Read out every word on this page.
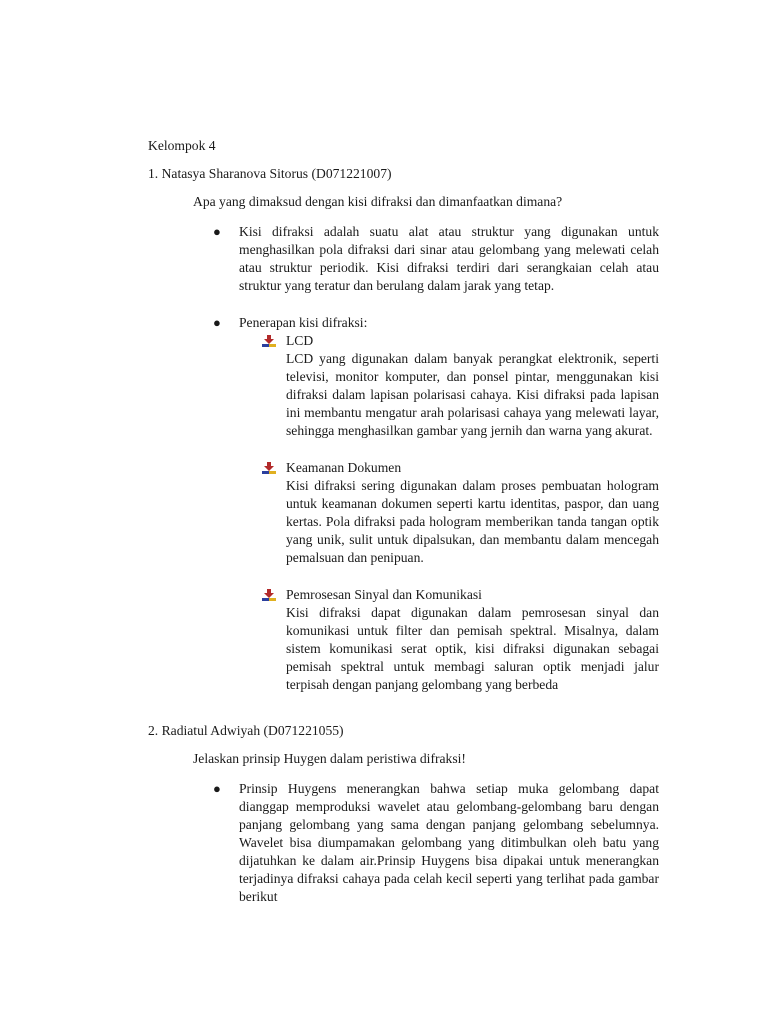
Kelompok 4
1. Natasya Sharanova Sitorus (D071221007)
Apa yang dimaksud dengan kisi difraksi dan dimanfaatkan dimana?
●	Kisi difraksi adalah suatu alat atau struktur yang digunakan untuk menghasilkan pola difraksi dari sinar atau gelombang yang melewati celah atau struktur periodik. Kisi difraksi terdiri dari serangkaian celah atau struktur yang teratur dan berulang dalam jarak yang tetap.
●	Penerapan kisi difraksi:
LCD
LCD yang digunakan dalam banyak perangkat elektronik, seperti televisi, monitor komputer, dan ponsel pintar, menggunakan kisi difraksi dalam lapisan polarisasi cahaya. Kisi difraksi pada lapisan ini membantu mengatur arah polarisasi cahaya yang melewati layar, sehingga menghasilkan gambar yang jernih dan warna yang akurat.
Keamanan Dokumen
Kisi difraksi sering digunakan dalam proses pembuatan hologram untuk keamanan dokumen seperti kartu identitas, paspor, dan uang kertas. Pola difraksi pada hologram memberikan tanda tangan optik yang unik, sulit untuk dipalsukan, dan membantu dalam mencegah pemalsuan dan penipuan.
Pemrosesan Sinyal dan Komunikasi
Kisi difraksi dapat digunakan dalam pemrosesan sinyal dan komunikasi untuk filter dan pemisah spektral. Misalnya, dalam sistem komunikasi serat optik, kisi difraksi digunakan sebagai pemisah spektral untuk membagi saluran optik menjadi jalur terpisah dengan panjang gelombang yang berbeda
2. Radiatul Adwiyah (D071221055)
Jelaskan prinsip Huygen dalam peristiwa difraksi!
●	Prinsip Huygens menerangkan bahwa setiap muka gelombang dapat dianggap memproduksi wavelet atau gelombang-gelombang baru dengan panjang gelombang yang sama dengan panjang gelombang sebelumnya. Wavelet bisa diumpamakan gelombang yang ditimbulkan oleh batu yang dijatuhkan ke dalam air.Prinsip Huygens bisa dipakai untuk menerangkan terjadinya difraksi cahaya pada celah kecil seperti yang terlihat pada gambar berikut
